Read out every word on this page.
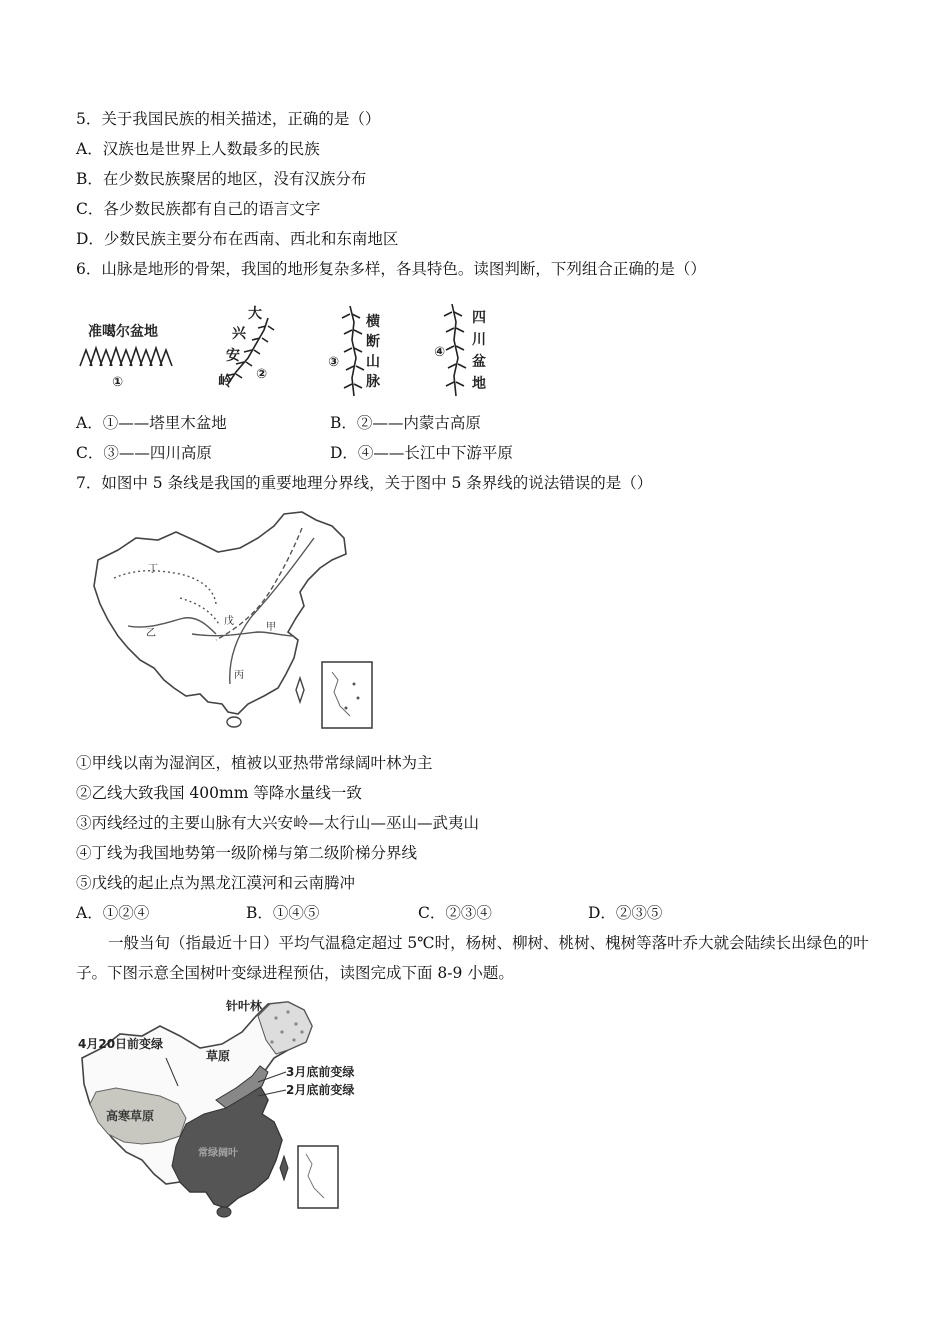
5．关于我国民族的相关描述，正确的是（）
A．汉族也是世界上人数最多的民族
B．在少数民族聚居的地区，没有汉族分布
C．各少数民族都有自己的语言文字
D．少数民族主要分布在西南、西北和东南地区
6．山脉是地形的骨架，我国的地形复杂多样，各具特色。读图判断，下列组合正确的是（）
准噶尔盆地
①
大
兴
安
岭 ②
横
断
山
脉
③
四
川
盆
地
④
A．①——塔里木盆地	B．②——内蒙古高原
C．③——四川高原	D．④——长江中下游平原
7．如图中 5 条线是我国的重要地理分界线，关于图中 5 条界线的说法错误的是（）
丁
乙
戊
甲
丙
①甲线以南为湿润区，植被以亚热带常绿阔叶林为主
②乙线大致我国 400mm 等降水量线一致
③丙线经过的主要山脉有大兴安岭—太行山—巫山—武夷山
④丁线为我国地势第一级阶梯与第二级阶梯分界线
⑤戊线的起止点为黑龙江漠河和云南腾冲
A．①②④	B．①④⑤	C．②③④	D．②③⑤
一般当旬（指最近十日）平均气温稳定超过 5℃时，杨树、柳树、桃树、槐树等落叶乔大就会陆续长出绿色的叶子。下图示意全国树叶变绿进程预估，读图完成下面 8-9 小题。
针叶林
草原
4月20日前变绿
高寒草原
3月底前变绿
2月底前变绿
常绿阔叶
